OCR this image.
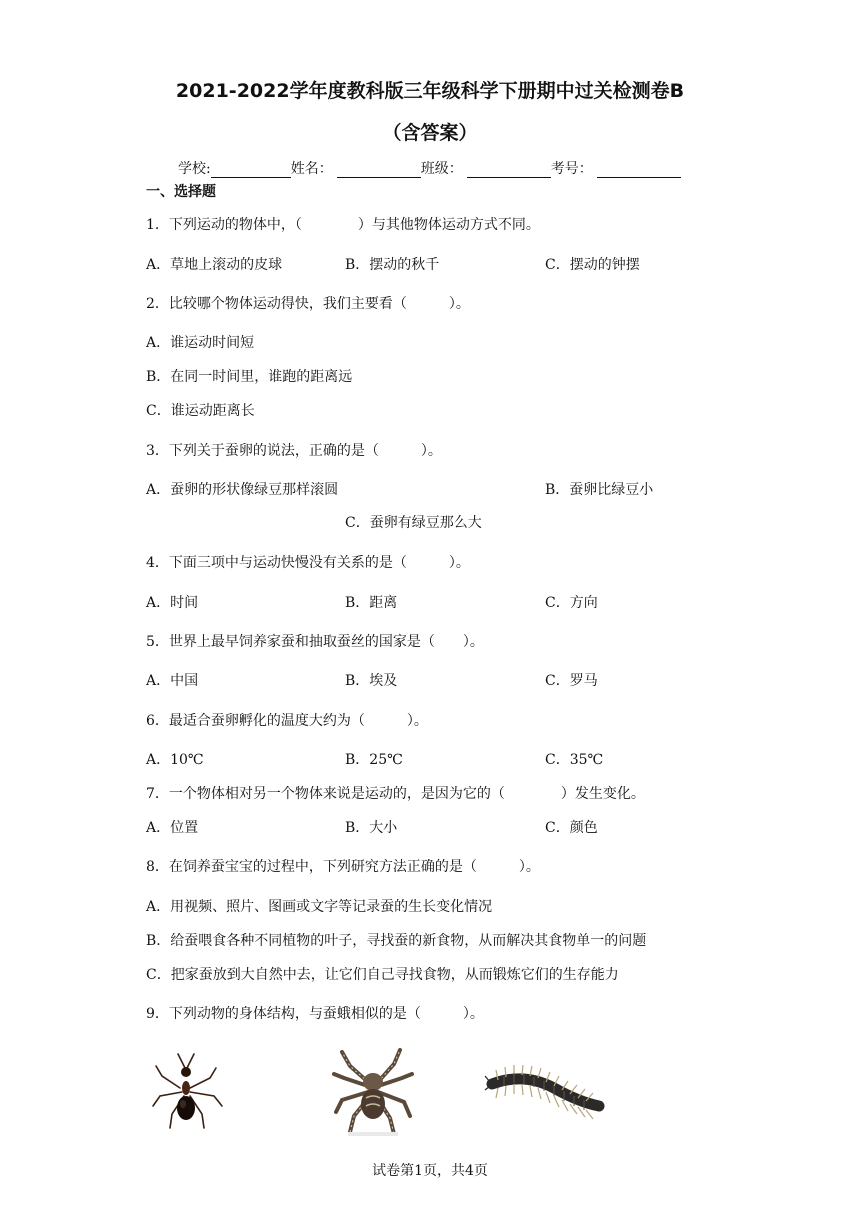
2021-2022学年度教科版三年级科学下册期中过关检测卷B
（含答案）
学校:	姓名：	班级：	考号：
一、选择题
1．下列运动的物体中，（　　　　）与其他物体运动方式不同。
A．草地上滚动的皮球	B．摆动的秋千	C．摆动的钟摆
2．比较哪个物体运动得快，我们主要看（　　　）。
A．谁运动时间短
B．在同一时间里，谁跑的距离远
C．谁运动距离长
3．下列关于蚕卵的说法，正确的是（　　　）。
A．蚕卵的形状像绿豆那样滚圆	B．蚕卵比绿豆小
C．蚕卵有绿豆那么大
4．下面三项中与运动快慢没有关系的是（　　　）。
A．时间	B．距离	C．方向
5．世界上最早饲养家蚕和抽取蚕丝的国家是（　　）。
A．中国	B．埃及	C．罗马
6．最适合蚕卵孵化的温度大约为（　　　）。
A．10℃	B．25℃	C．35℃
7．一个物体相对另一个物体来说是运动的，是因为它的（　　　　）发生变化。
A．位置	B．大小	C．颜色
8．在饲养蚕宝宝的过程中，下列研究方法正确的是（　　　）。
A．用视频、照片、图画或文字等记录蚕的生长变化情况
B．给蚕喂食各种不同植物的叶子，寻找蚕的新食物，从而解决其食物单一的问题
C．把家蚕放到大自然中去，让它们自己寻找食物，从而锻炼它们的生存能力
9．下列动物的身体结构，与蚕蛾相似的是（　　　）。
试卷第1页，共4页
